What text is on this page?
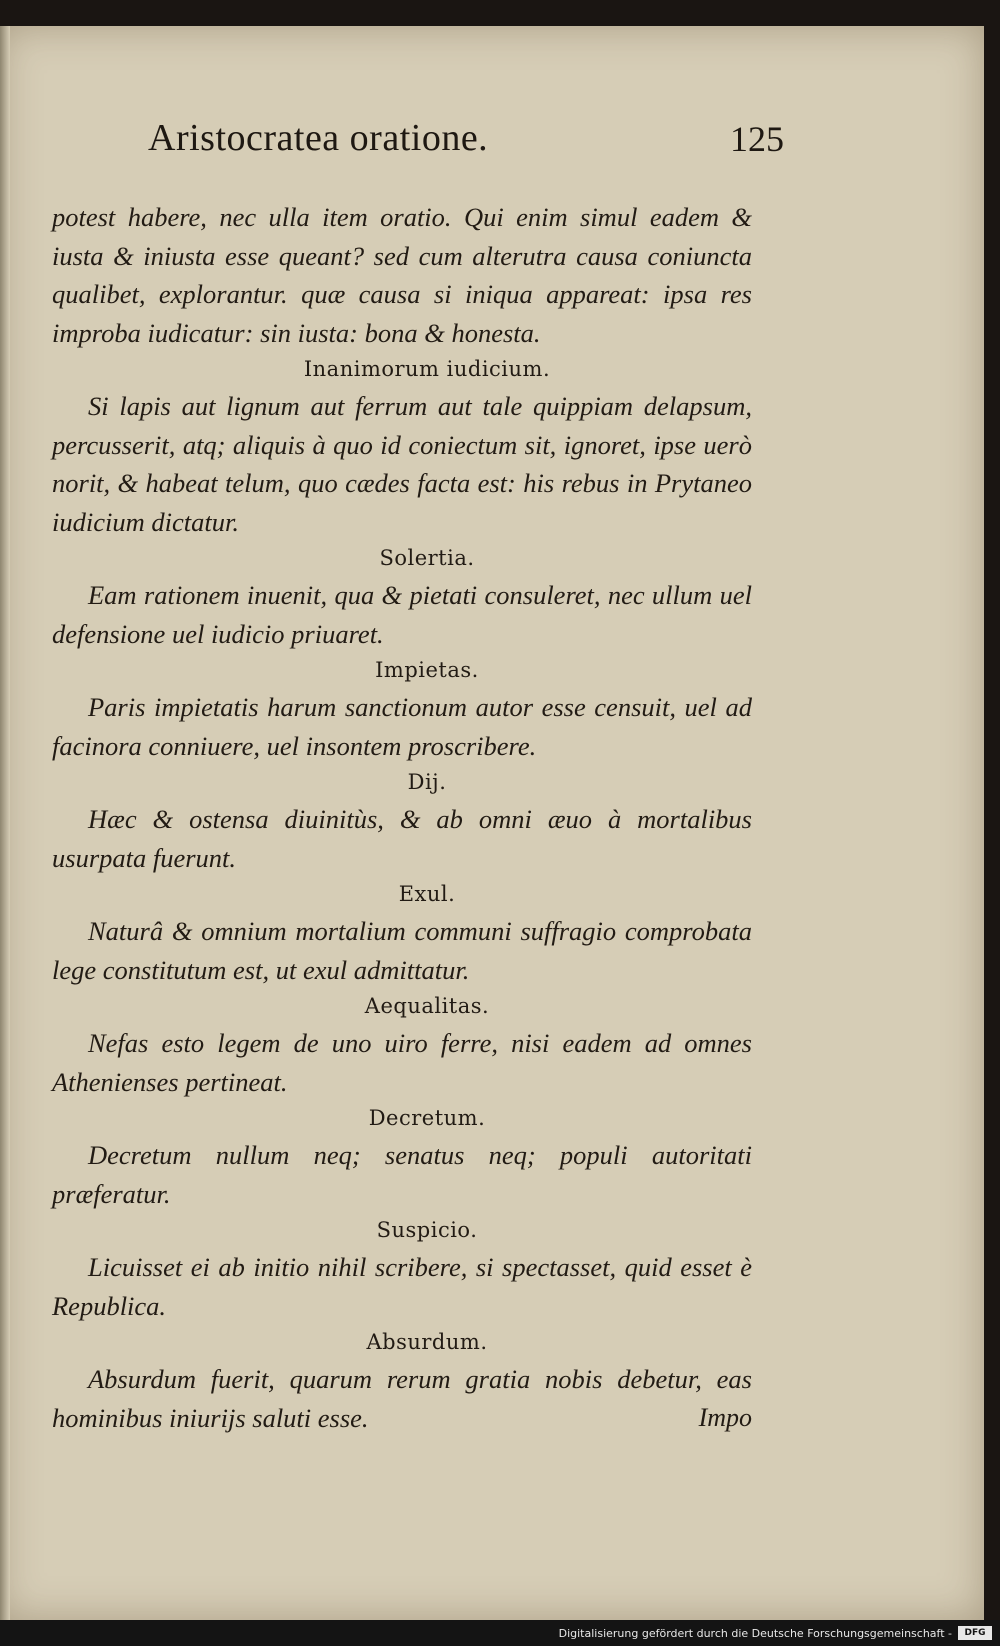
Aristocratea oratione.	125

potest habere, nec ulla item oratio. Qui enim simul eadem & iusta & iniusta esse queant? sed cum alterutra causa coniuncta qualibet, explorantur. quæ causa si iniqua appareat: ipsa res improba iudicatur: sin iusta: bona & honesta.

Inanimorum iudicium.

Si lapis aut lignum aut ferrum aut tale quippiam delapsum, percusserit, atq; aliquis à quo id coniectum sit, ignoret, ipse uerò norit, & habeat telum, quo cædes facta est: his rebus in Prytaneo iudicium dictatur.

Solertia.

Eam rationem inuenit, qua & pietati consuleret, nec ullum uel defensione uel iudicio priuaret.

Impietas.

Paris impietatis harum sanctionum autor esse censuit, uel ad facinora conniuere, uel insontem proscribere.

Dij.

Hæc & ostensa diuinitùs, & ab omni æuo à mortalibus usurpata fuerunt.

Exul.

Naturâ & omnium mortalium communi suffragio comprobata lege constitutum est, ut exul admittatur.

Aequalitas.

Nefas esto legem de uno uiro ferre, nisi eadem ad omnes Athenienses pertineat.

Decretum.

Decretum nullum neq; senatus neq; populi autoritati præferatur.

Suspicio.

Licuisset ei ab initio nihil scribere, si spectasset, quid esset è Republica.

Absurdum.

Absurdum fuerit, quarum rerum gratia nobis debetur, eas hominibus iniurijs saluti esse.	Impo
Digitalisierung gefördert durch die Deutsche Forschungsgemeinschaft -	DFG
